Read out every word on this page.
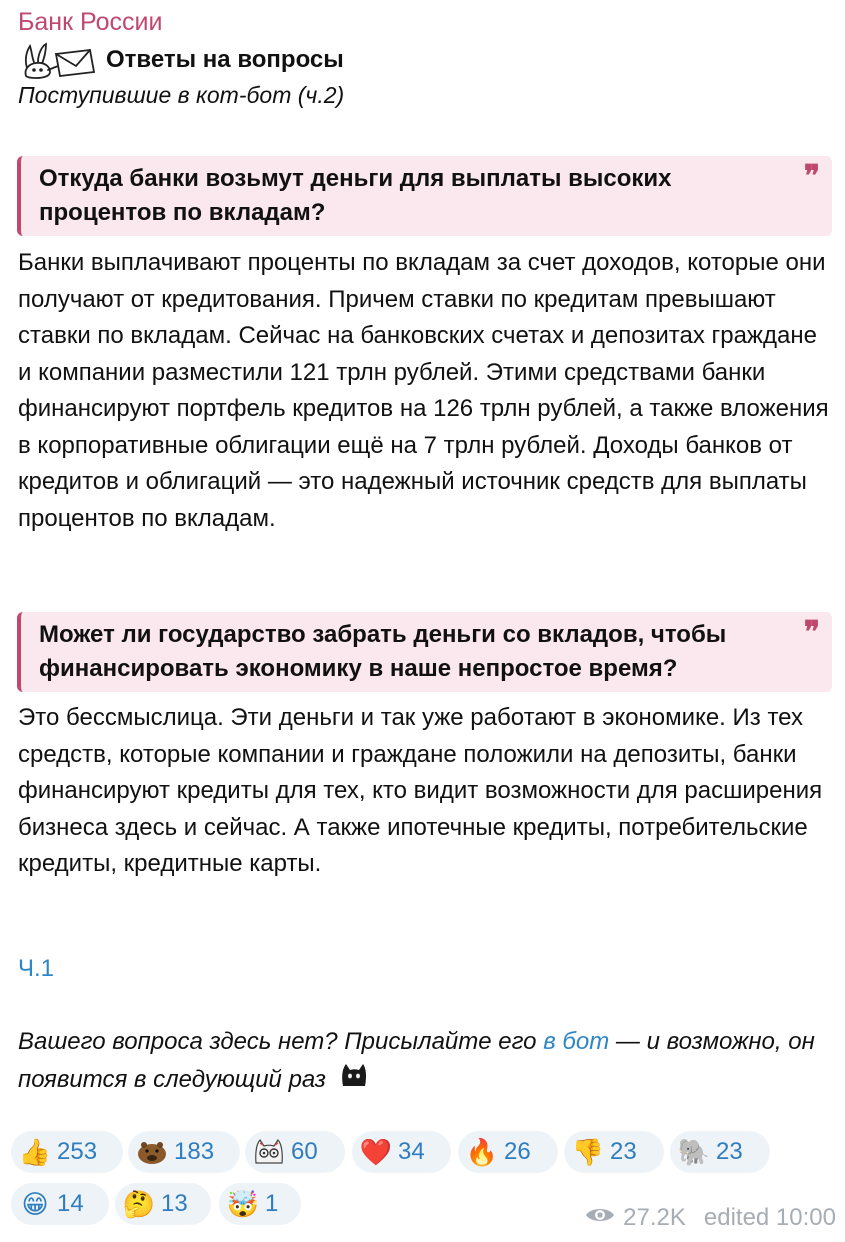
Банк России
Ответы на вопросы
Поступившие в кот-бот (ч.2)
Откуда банки возьмут деньги для выплаты высоких процентов по вкладам?
❞
Банки выплачивают проценты по вкладам за счет доходов, которые они получают от кредитования. Причем ставки по кредитам превышают ставки по вкладам. Сейчас на банковских счетах и депозитах граждане и компании разместили 121 трлн рублей. Этими средствами банки финансируют портфель кредитов на 126 трлн рублей, а также вложения в корпоративные облигации ещё на 7 трлн рублей. Доходы банков от кредитов и облигаций — это надежный источник средств для выплаты процентов по вкладам.
Может ли государство забрать деньги со вкладов, чтобы финансировать экономику в наше непростое время?
❞
Это бессмыслица. Эти деньги и так уже работают в экономике. Из тех средств, которые компании и граждане положили на депозиты, банки финансируют кредиты для тех, кто видит возможности для расширения бизнеса здесь и сейчас. А также ипотечные кредиты, потребительские кредиты, кредитные карты.
Ч.1
Вашего вопроса здесь нет? Присылайте его в бот — и возможно, он появится в следующий раз
👍 253	183	60 ❤️ 34 🔥 26 👎 23 🐘 23
😁 14 🤔 13 🤯 1
27.2K edited 10:00
